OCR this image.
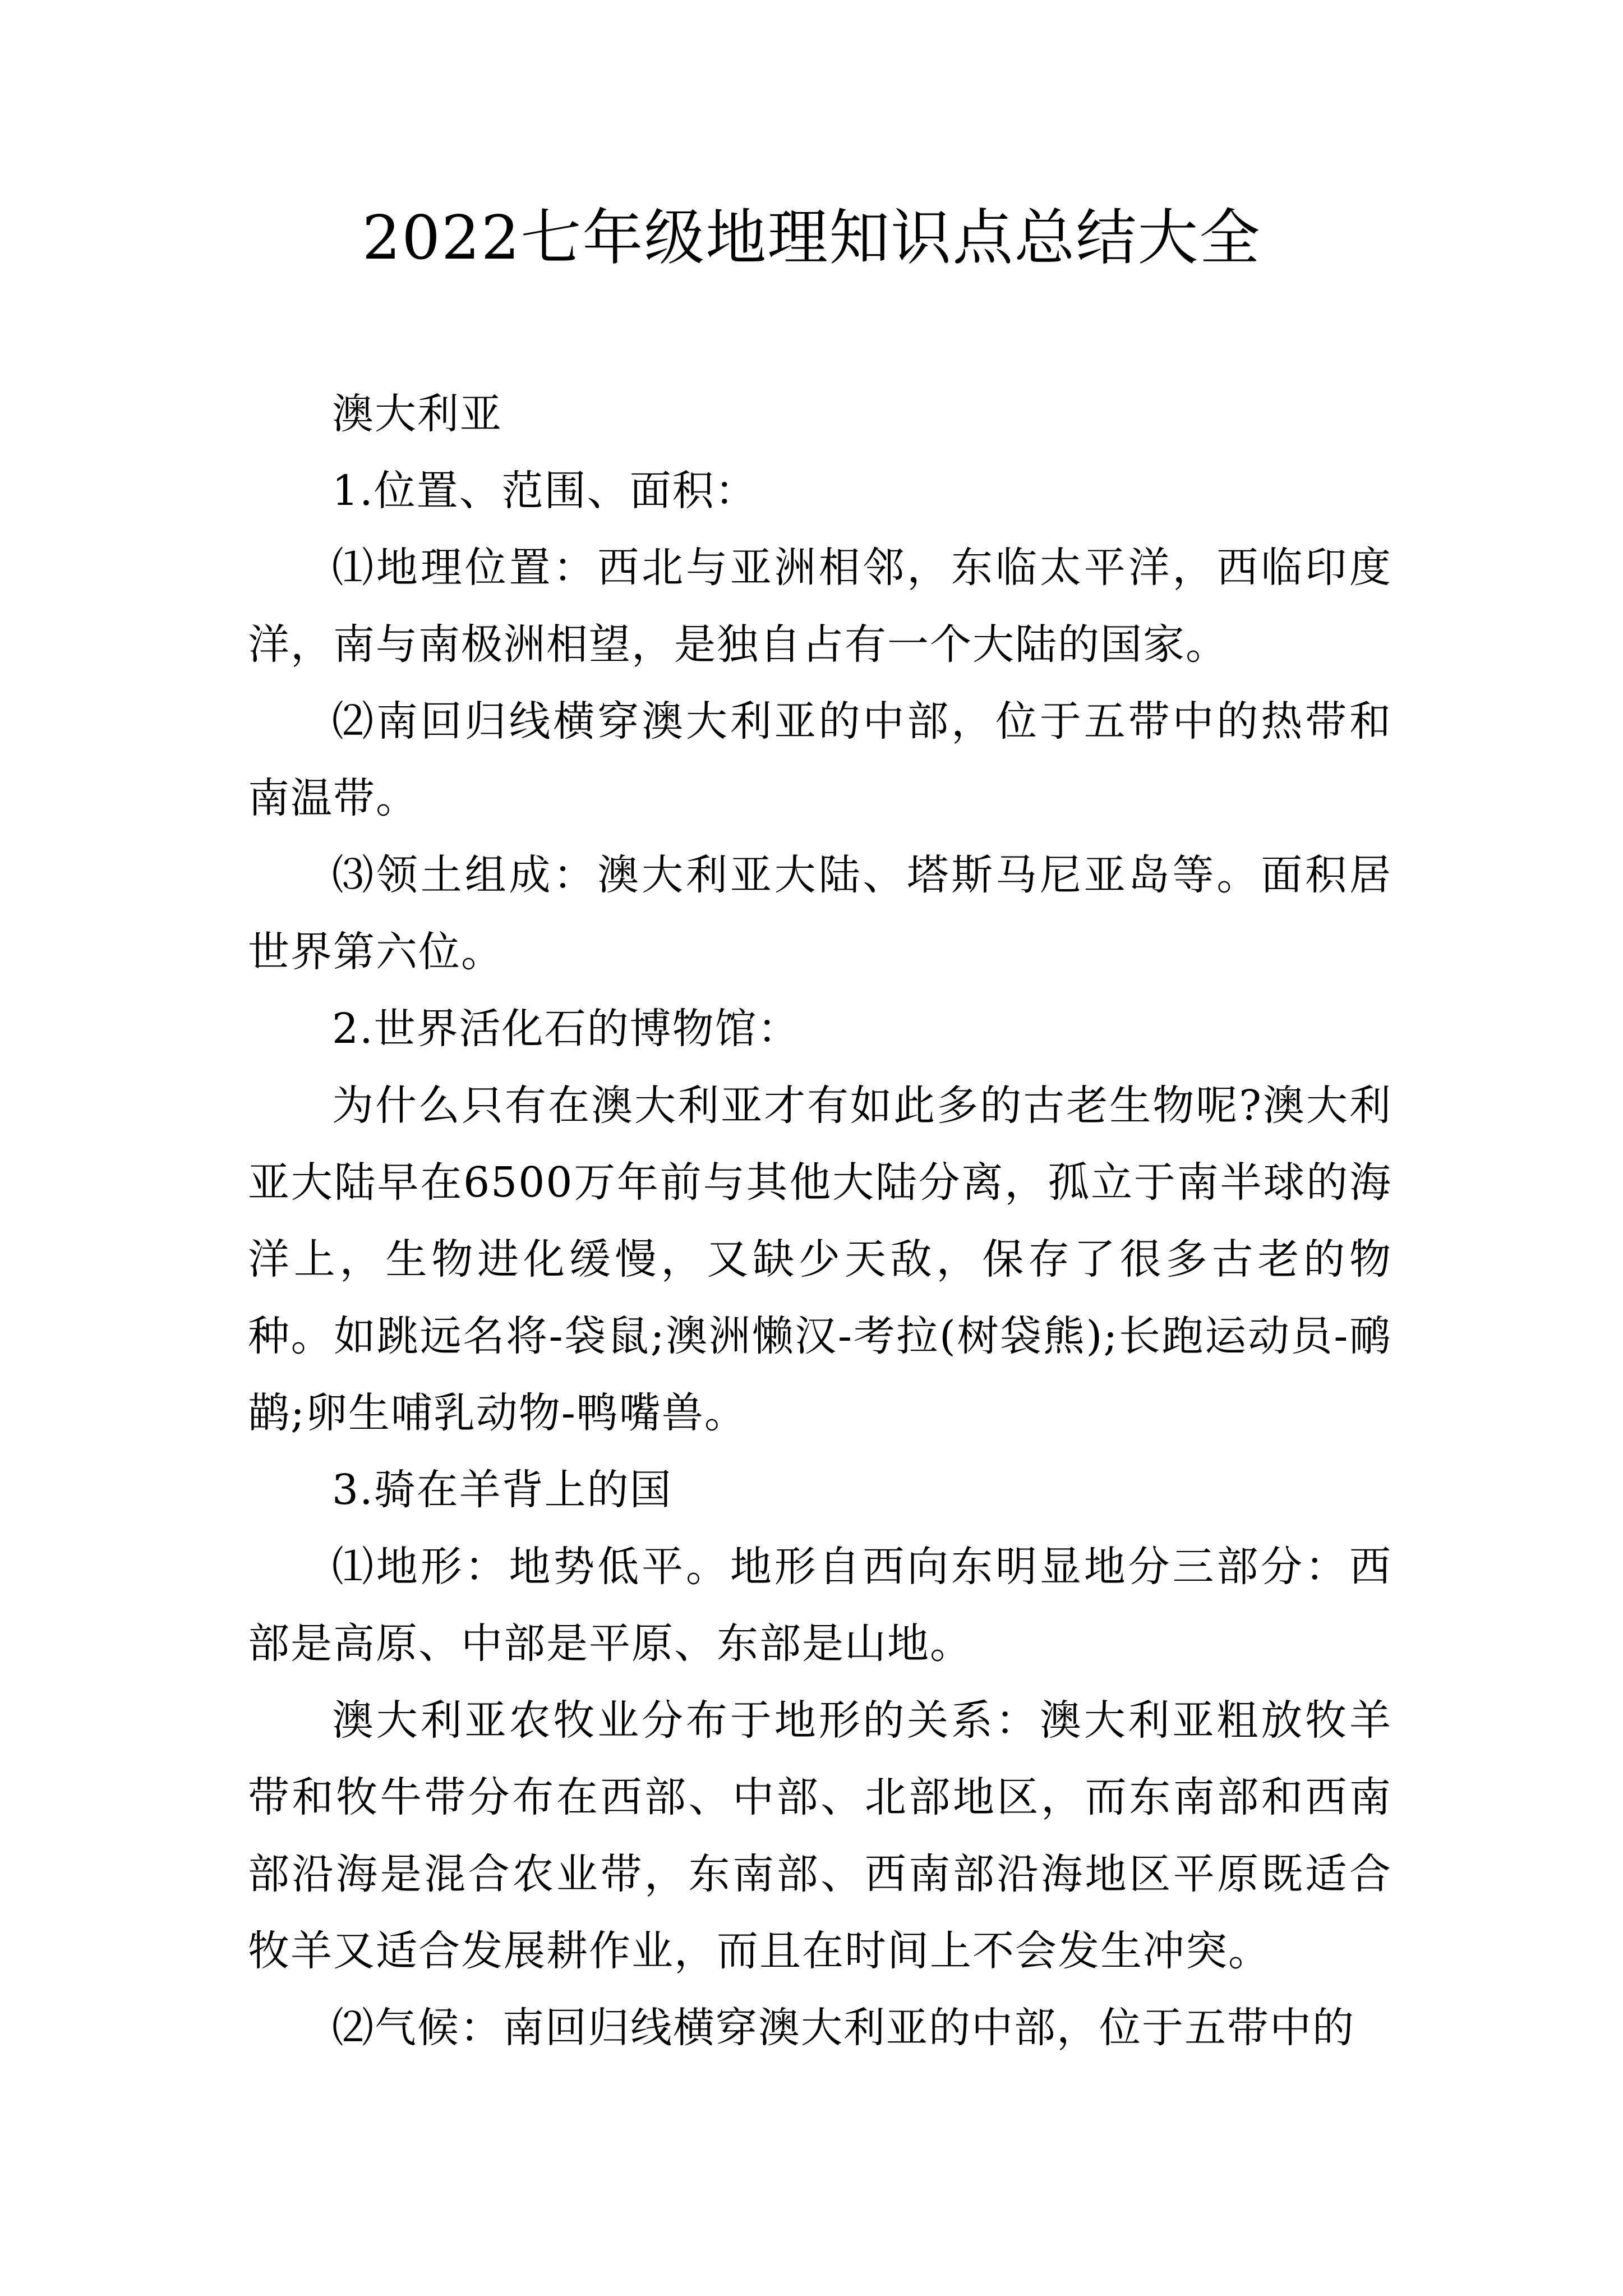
2022七年级地理知识点总结大全

澳大利亚

1.位置、范围、面积：

⑴地理位置：西北与亚洲相邻，东临太平洋，西临印度洋，南与南极洲相望，是独自占有一个大陆的国家。

⑵南回归线横穿澳大利亚的中部，位于五带中的热带和南温带。

⑶领土组成：澳大利亚大陆、塔斯马尼亚岛等。面积居世界第六位。

2.世界活化石的博物馆：

为什么只有在澳大利亚才有如此多的古老生物呢?澳大利亚大陆早在6500万年前与其他大陆分离，孤立于南半球的海洋上，生物进化缓慢，又缺少天敌，保存了很多古老的物种。如跳远名将-袋鼠;澳洲懒汉-考拉(树袋熊);长跑运动员-鸸鹋;卵生哺乳动物-鸭嘴兽。

3.骑在羊背上的国

⑴地形：地势低平。地形自西向东明显地分三部分：西部是高原、中部是平原、东部是山地。

澳大利亚农牧业分布于地形的关系：澳大利亚粗放牧羊带和牧牛带分布在西部、中部、北部地区，而东南部和西南部沿海是混合农业带，东南部、西南部沿海地区平原既适合牧羊又适合发展耕作业，而且在时间上不会发生冲突。

⑵气候：南回归线横穿澳大利亚的中部，位于五带中的
